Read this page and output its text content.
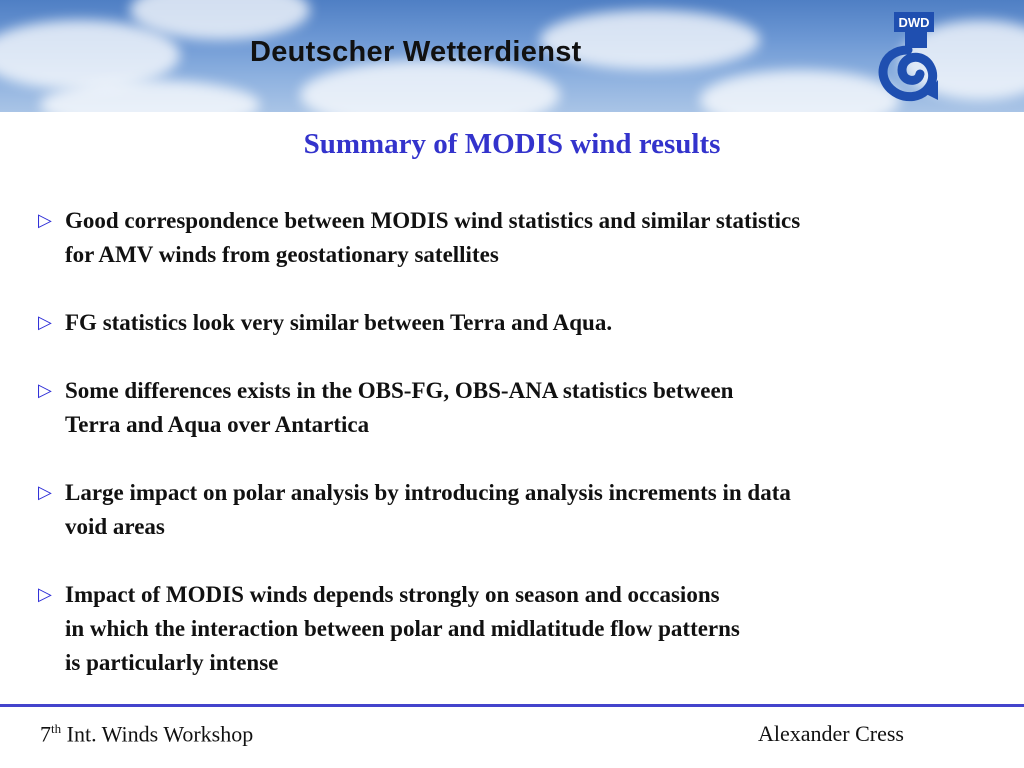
Deutscher Wetterdienst
DWD
Summary of MODIS wind results
▷ Good correspondence between MODIS wind statistics and similar statistics
for AMV winds from geostationary satellites
▷ FG statistics look very similar between Terra and Aqua.
▷ Some differences exists in the OBS-FG, OBS-ANA statistics between
Terra and Aqua over Antartica
▷ Large impact on polar analysis by introducing analysis increments in data
void areas
▷ Impact of MODIS winds depends strongly on season and occasions
in which the interaction between polar and midlatitude flow patterns
is particularly intense
7th Int. Winds Workshop	Alexander Cress
